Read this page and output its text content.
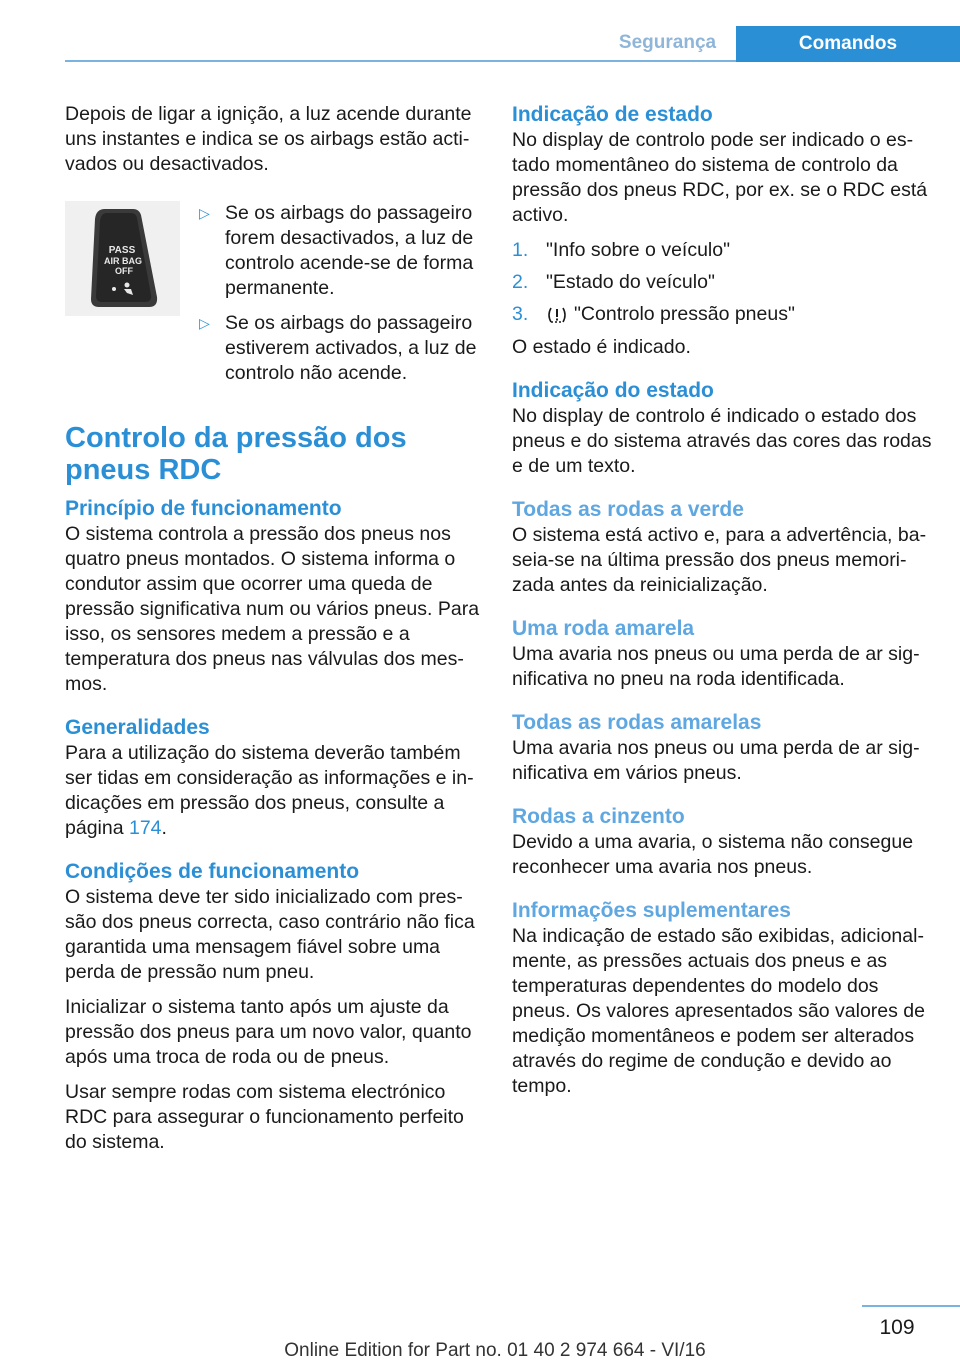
Segurança	Comandos

Depois de ligar a ignição, a luz acende durante uns instantes e indica se os airbags estão activados ou desactivados.

PASS
AIR BAG
OFF
▷ Se os airbags do passageiro forem desactivados, a luz de controlo acende-se de forma permanente.
▷ Se os airbags do passageiro estiverem activados, a luz de controlo não acende.
Controlo da pressão dos pneus RDC
Princípio de funcionamento

O sistema controla a pressão dos pneus nos quatro pneus montados. O sistema informa o condutor assim que ocorrer uma queda de pressão significativa num ou vários pneus. Para isso, os sensores medem a pressão e a temperatura dos pneus nas válvulas dos mesmos.

Generalidades

Para a utilização do sistema deverão também ser tidas em consideração as informações e indicações em pressão dos pneus, consulte a página 174.

Condições de funcionamento

O sistema deve ter sido inicializado com pressão dos pneus correcta, caso contrário não fica garantida uma mensagem fiável sobre uma perda de pressão num pneu.

Inicializar o sistema tanto após um ajuste da pressão dos pneus para um novo valor, quanto após uma troca de roda ou de pneus.

Usar sempre rodas com sistema electrónico RDC para assegurar o funcionamento perfeito do sistema.

Indicação de estado

No display de controlo pode ser indicado o estado momentâneo do sistema de controlo da pressão dos pneus RDC, por ex. se o RDC está activo.

1. "Info sobre o veículo"
2. "Estado do veículo"
3. "Controlo pressão pneus"

O estado é indicado.

Indicação do estado

No display de controlo é indicado o estado dos pneus e do sistema através das cores das rodas e de um texto.

Todas as rodas a verde

O sistema está activo e, para a advertência, baseia-se na última pressão dos pneus memorizada antes da reinicialização.

Uma roda amarela

Uma avaria nos pneus ou uma perda de ar significativa no pneu na roda identificada.

Todas as rodas amarelas

Uma avaria nos pneus ou uma perda de ar significativa em vários pneus.

Rodas a cinzento

Devido a uma avaria, o sistema não consegue reconhecer uma avaria nos pneus.

Informações suplementares

Na indicação de estado são exibidas, adicionalmente, as pressões actuais dos pneus e as temperaturas dependentes do modelo dos pneus. Os valores apresentados são valores de medição momentâneos e podem ser alterados através do regime de condução e devido ao tempo.

109
Online Edition for Part no. 01 40 2 974 664 - VI/16
